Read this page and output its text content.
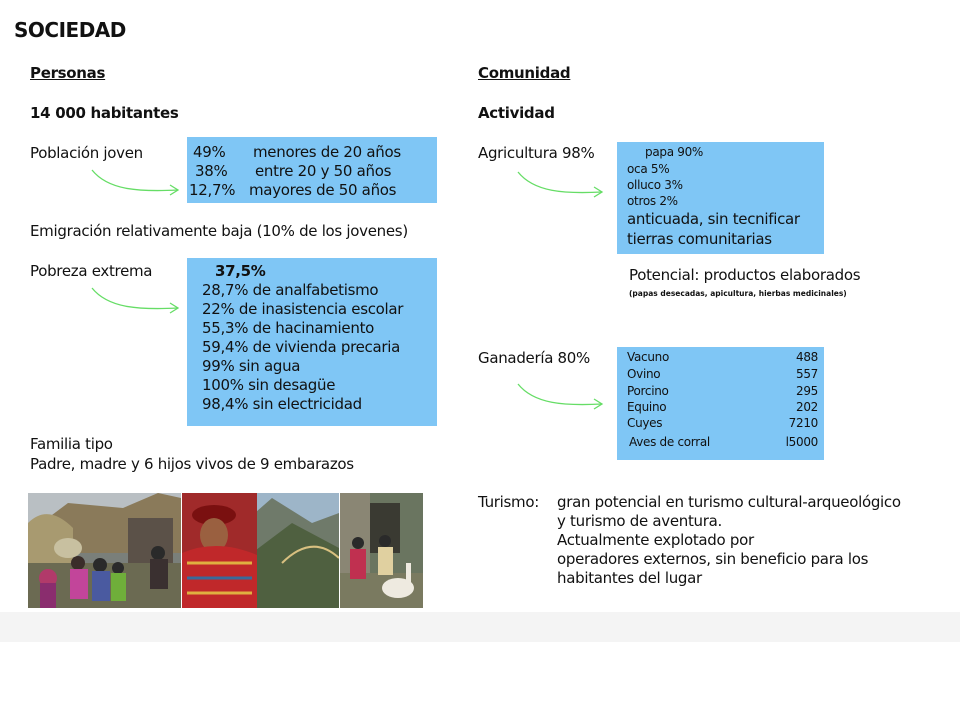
SOCIEDAD
Personas
14 000 habitantes
Población joven	49% menores de 20 años
38% entre 20 y 50 años
12,7% mayores de 50 años
Emigración relativamente baja (10% de los jovenes)
Pobreza extrema	37,5%
28,7% de analfabetismo
22% de inasistencia escolar
55,3% de hacinamiento
59,4% de vivienda precaria
99% sin agua
100% sin desagüe
98,4% sin electricidad
Familia tipo
Padre, madre y 6 hijos vivos de 9 embarazos
Comunidad
Actividad
Agricultura 98%	papa 90%
oca 5%
olluco 3%
otros 2%
anticuada, sin tecnificar
tierras comunitarias
Potencial: productos elaborados
(papas desecadas, apicultura, hierbas medicinales)
Ganadería 80%	Vacuno	488
Ovino	557
Porcino	295
Equino	202
Cuyes	7210
Aves de corral	l5000
Turismo: gran potencial en turismo cultural-arqueológico
y turismo de aventura.
Actualmente explotado por
operadores externos, sin beneficio para los
habitantes del lugar
